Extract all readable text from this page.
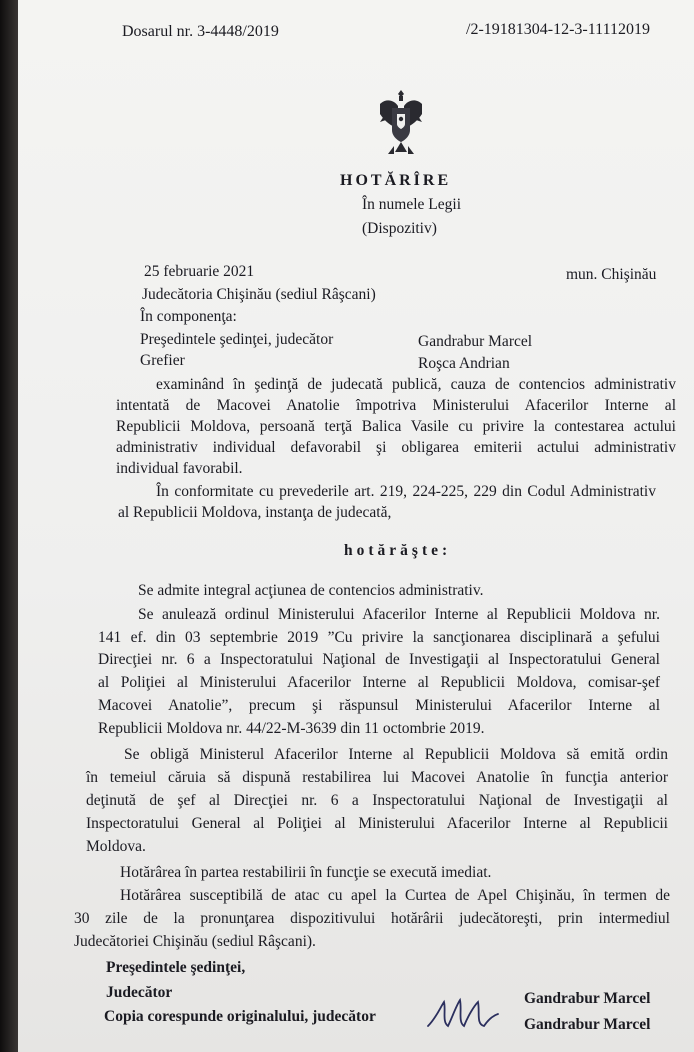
Dosarul nr. 3-4448/2019	/2-19181304-12-3-11112019
HOTĂRÎRE
În numele Legii
(Dispozitiv)
25 februarie 2021	mun. Chişinău
Judecătoria Chişinău (sediul Râşcani)
În componenţa:
Preşedintele şedinţei, judecător	Gandrabur Marcel
Grefier	Roşca Andrian
examinând în şedinţă de judecată publică, cauza de contencios administrativ
intentată de Macovei Anatolie împotriva Ministerului Afacerilor Interne al
Republicii Moldova, persoană terţă Balica Vasile cu privire la contestarea actului
administrativ individual defavorabil şi obligarea emiterii actului administrativ
individual favorabil.
În conformitate cu prevederile art. 219, 224-225, 229 din Codul Administrativ
al Republicii Moldova, instanţa de judecată,
hotărăşte:
Se admite integral acţiunea de contencios administrativ.
Se anulează ordinul Ministerului Afacerilor Interne al Republicii Moldova nr.
141 ef. din 03 septembrie 2019 ”Cu privire la sancţionarea disciplinară a şefului
Direcţiei nr. 6 a Inspectoratului Naţional de Investigaţii al Inspectoratului General
al Poliţiei al Ministerului Afacerilor Interne al Republicii Moldova, comisar-şef
Macovei Anatolie”, precum şi răspunsul Ministerului Afacerilor Interne al
Republicii Moldova nr. 44/22-M-3639 din 11 octombrie 2019.
Se obligă Ministerul Afacerilor Interne al Republicii Moldova să emită ordin
în temeiul căruia să dispună restabilirea lui Macovei Anatolie în funcţia anterior
deţinută de şef al Direcţiei nr. 6 a Inspectoratului Naţional de Investigaţii al
Inspectoratului General al Poliţiei al Ministerului Afacerilor Interne al Republicii
Moldova.
Hotărârea în partea restabilirii în funcţie se execută imediat.
Hotărârea susceptibilă de atac cu apel la Curtea de Apel Chişinău, în termen de
30 zile de la pronunţarea dispozitivului hotărârii judecătoreşti, prin intermediul
Judecătoriei Chişinău (sediul Râşcani).
Preşedintele şedinţei,
Judecător	Gandrabur Marcel
Copia corespunde originalului, judecător	Gandrabur Marcel
